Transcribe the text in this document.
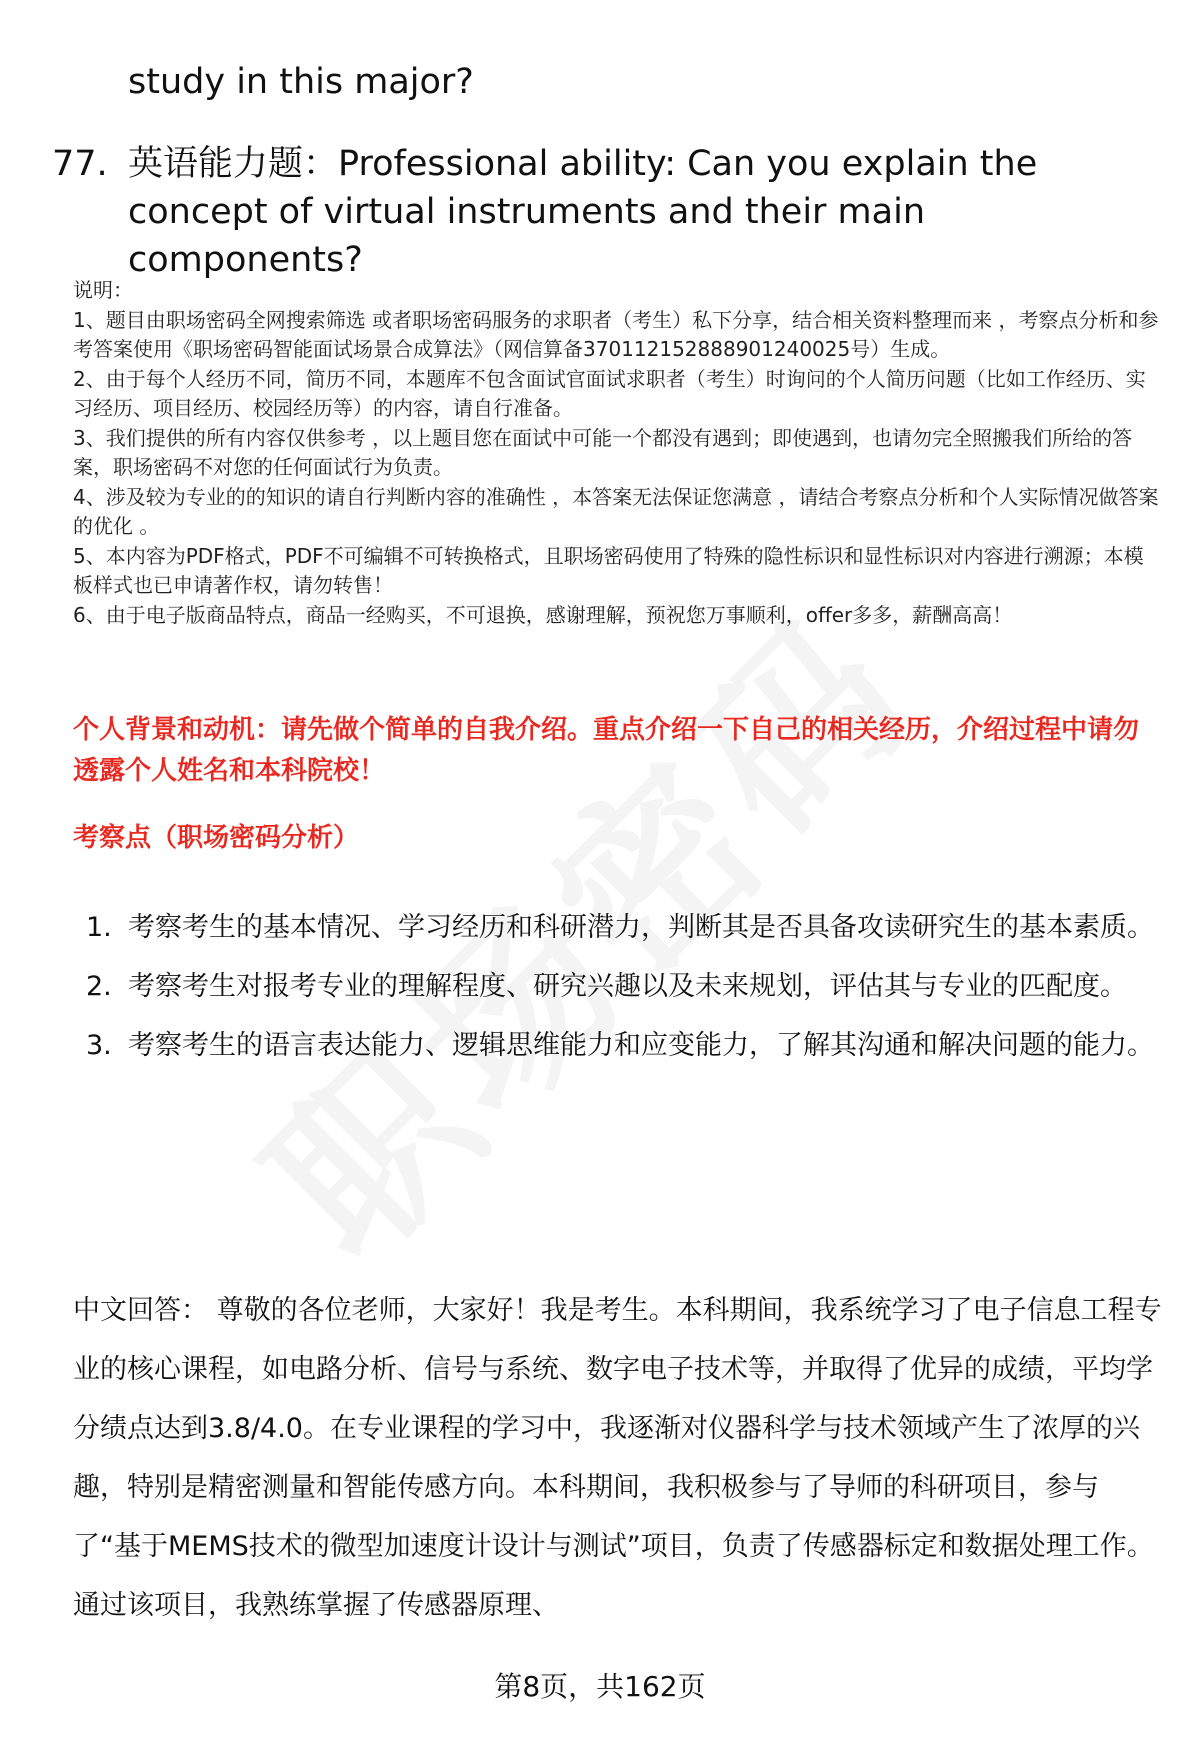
study in this major?
77. 英语能力题：Professional ability: Can you explain the concept of virtual instruments and their main components?

说明：

1、题目由职场密码全网搜索筛选 或者职场密码服务的求职者（考生）私下分享，结合相关资料整理而来 ，考察点分析和参考答案使用《职场密码智能面试场景合成算法》（网信算备370112152888901240025号）生成。

2、由于每个人经历不同，简历不同，本题库不包含面试官面试求职者（考生）时询问的个人简历问题（比如工作经历、实习经历、项目经历、校园经历等）的内容，请自行准备。

3、我们提供的所有内容仅供参考 ，以上题目您在面试中可能一个都没有遇到；即使遇到，也请勿完全照搬我们所给的答案，职场密码不对您的任何面试行为负责。

4、涉及较为专业的的知识的请自行判断内容的准确性 ，本答案无法保证您满意 ，请结合考察点分析和个人实际情况做答案的优化 。

5、本内容为PDF格式，PDF不可编辑不可转换格式，且职场密码使用了特殊的隐性标识和显性标识对内容进行溯源；本模板样式也已申请著作权，请勿转售！

6、由于电子版商品特点，商品一经购买，不可退换，感谢理解，预祝您万事顺利，offer多多，薪酬高高！

个人背景和动机：请先做个简单的自我介绍。重点介绍一下自己的相关经历，介绍过程中请勿透露个人姓名和本科院校！
考察点（职场密码分析）
1. 考察考生的基本情况、学习经历和科研潜力，判断其是否具备攻读研究生的基本素质。
2. 考察考生对报考专业的理解程度、研究兴趣以及未来规划，评估其与专业的匹配度。
3. 考察考生的语言表达能力、逻辑思维能力和应变能力，了解其沟通和解决问题的能力。
中文回答： 尊敬的各位老师，大家好！我是考生。本科期间，我系统学习了电子信息工程专业的核心课程，如电路分析、信号与系统、数字电子技术等，并取得了优异的成绩，平均学分绩点达到3.8/4.0。在专业课程的学习中，我逐渐对仪器科学与技术领域产生了浓厚的兴趣，特别是精密测量和智能传感方向。本科期间，我积极参与了导师的科研项目，参与了“基于MEMS技术的微型加速度计设计与测试”项目，负责了传感器标定和数据处理工作。通过该项目，我熟练掌握了传感器原理、
第8页，共162页
